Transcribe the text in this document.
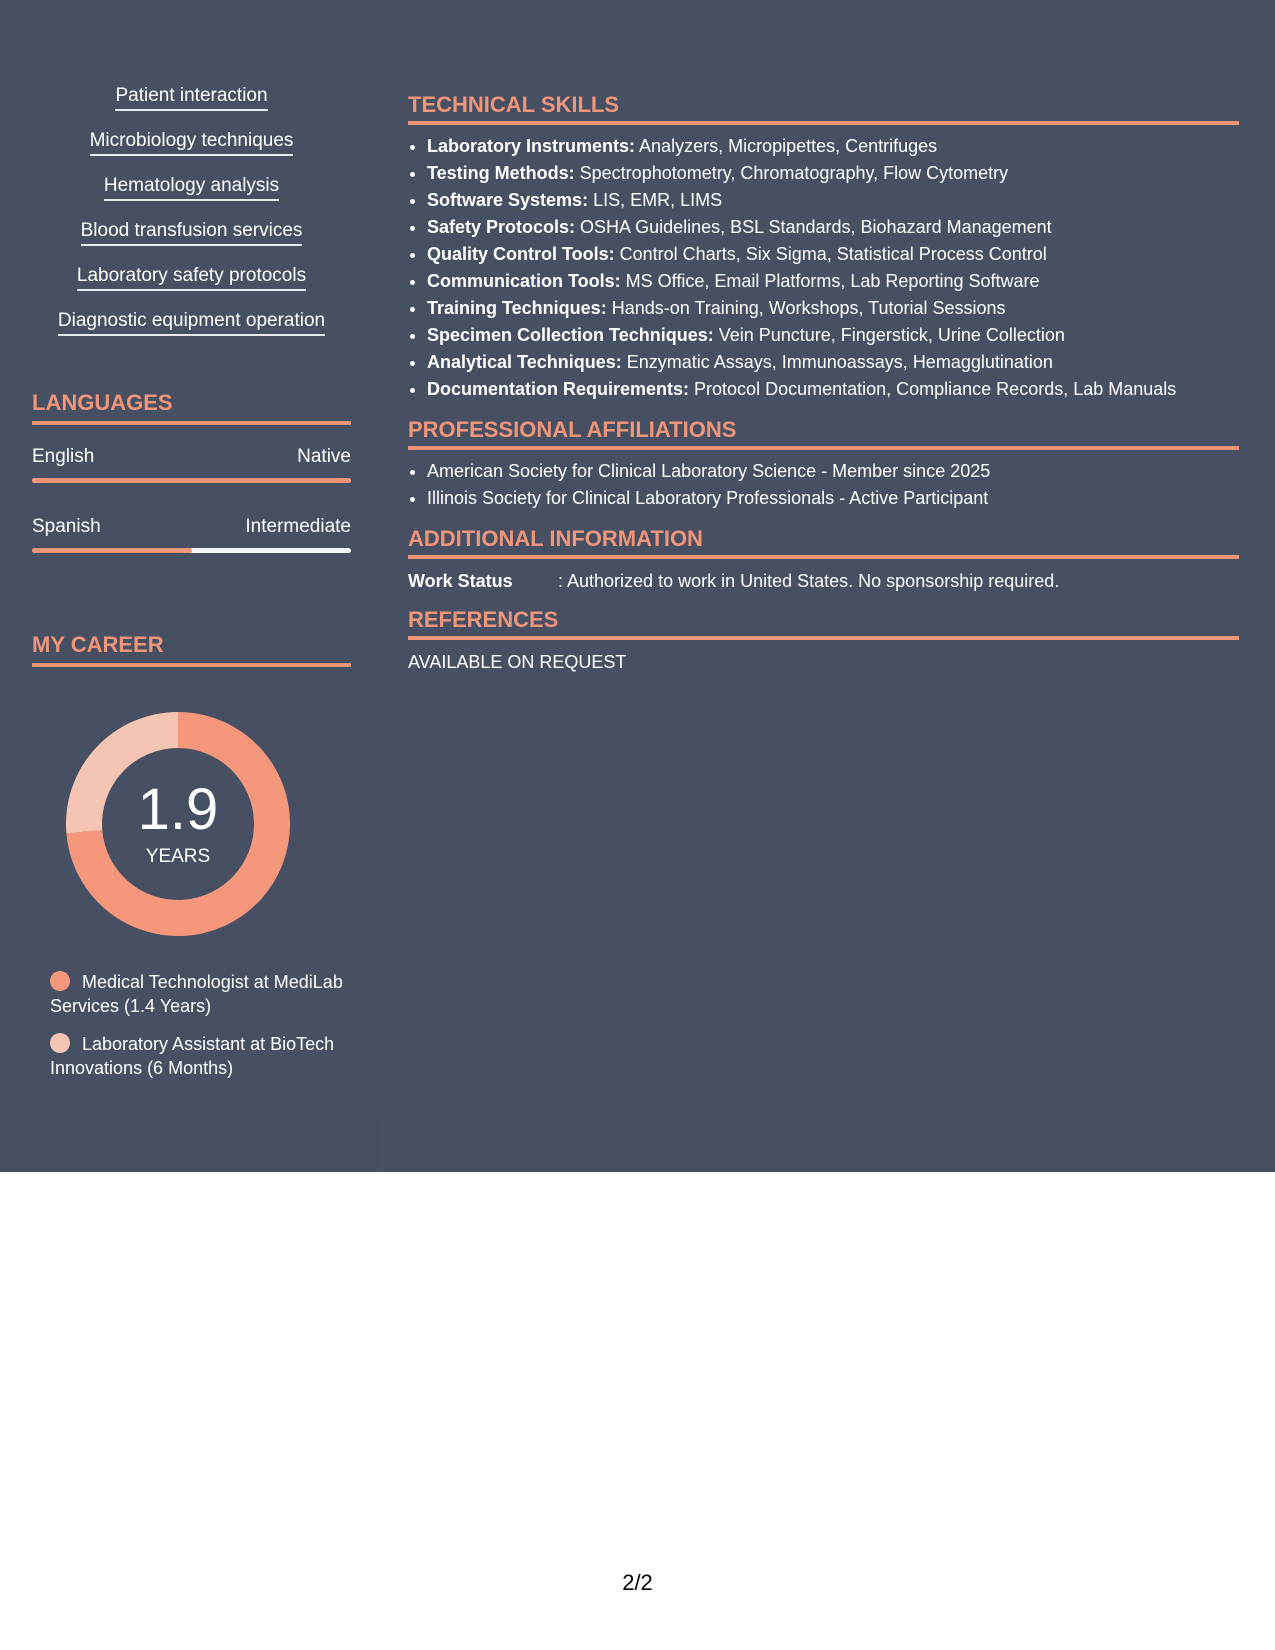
Patient interaction
Microbiology techniques
Hematology analysis
Blood transfusion services
Laboratory safety protocols
Diagnostic equipment operation
LANGUAGES
English	Native
Spanish	Intermediate
MY CAREER
1.9
YEARS
Medical Technologist at MediLab Services (1.4 Years)
Laboratory Assistant at BioTech Innovations (6 Months)
TECHNICAL SKILLS
• Laboratory Instruments: Analyzers, Micropipettes, Centrifuges
• Testing Methods: Spectrophotometry, Chromatography, Flow Cytometry
• Software Systems: LIS, EMR, LIMS
• Safety Protocols: OSHA Guidelines, BSL Standards, Biohazard Management
• Quality Control Tools: Control Charts, Six Sigma, Statistical Process Control
• Communication Tools: MS Office, Email Platforms, Lab Reporting Software
• Training Techniques: Hands-on Training, Workshops, Tutorial Sessions
• Specimen Collection Techniques: Vein Puncture, Fingerstick, Urine Collection
• Analytical Techniques: Enzymatic Assays, Immunoassays, Hemagglutination
• Documentation Requirements: Protocol Documentation, Compliance Records, Lab Manuals
PROFESSIONAL AFFILIATIONS
• American Society for Clinical Laboratory Science - Member since 2025
• Illinois Society for Clinical Laboratory Professionals - Active Participant
ADDITIONAL INFORMATION
Work Status	: Authorized to work in United States. No sponsorship required.
REFERENCES
AVAILABLE ON REQUEST
2/2
